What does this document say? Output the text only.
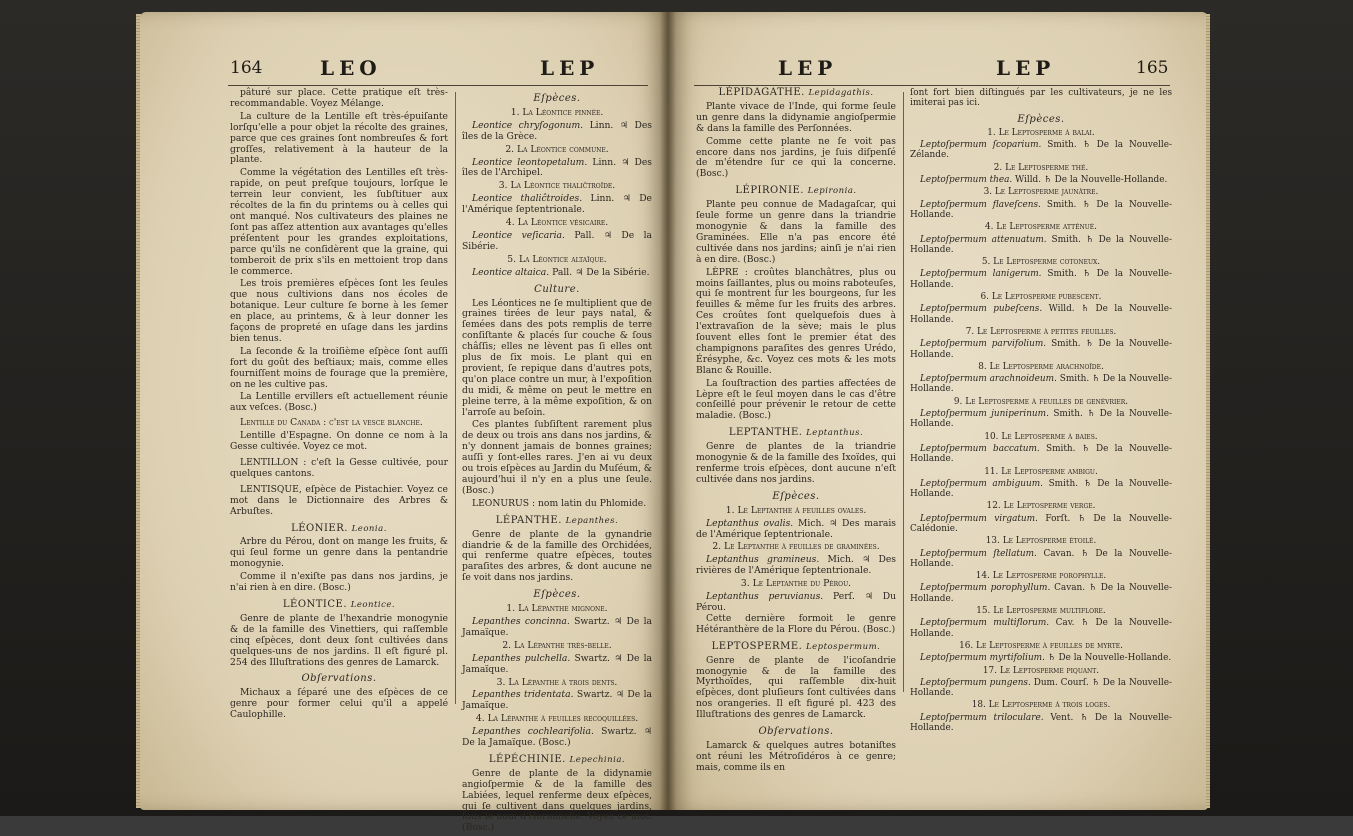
164	LEO	LEP

pâturé sur place. Cette pratique eſt très-recommandable. Voyez Mélange.

La culture de la Lentille eſt très-épuiſante lorſqu'elle a pour objet la récolte des graines, parce que ces graines ſont nombreuſes & fort groſſes, relativement à la hauteur de la plante.

Comme la végétation des Lentilles eſt très-rapide, on peut preſque toujours, lorſque le terrein leur convient, les ſubſtituer aux récoltes de la fin du printems ou à celles qui ont manqué. Nos cultivateurs des plaines ne ſont pas aſſez attention aux avantages qu'elles préſentent pour les grandes exploitations, parce qu'ils ne conſidèrent que la graine, qui tomberoit de prix s'ils en mettoient trop dans le commerce.

Les trois premières eſpèces ſont les ſeules que nous cultivions dans nos écoles de botanique. Leur culture ſe borne à les ſemer en place, au printems, & à leur donner les façons de propreté en uſage dans les jardins bien tenus.

La ſeconde & la troiſième eſpèce ſont auſſi fort du goût des beſtiaux; mais, comme elles fourniſſent moins de fourage que la première, on ne les cultive pas.

La Lentille ervillers eſt actuellement réunie aux veſces. (Bosc.)

Lentille du Canada : c'eſt la vesce blanche.

Lentille d'Espagne. On donne ce nom à la Gesse cultivée. Voyez ce mot.

LENTILLON : c'eſt la Gesse cultivée, pour quelques cantons.

LENTISQUE, eſpèce de Pistachier. Voyez ce mot dans le Dictionnaire des Arbres & Arbuſtes.

LÉONIER. Leonia.

Arbre du Pérou, dont on mange les fruits, & qui ſeul forme un genre dans la pentandrie monogynie.

Comme il n'exiſte pas dans nos jardins, je n'ai rien à en dire. (Bosc.)

LÉONTICE. Leontice.

Genre de plante de l'hexandrie monogynie & de la famille des Vinettiers, qui raſſemble cinq eſpèces, dont deux ſont cultivées dans quelques-uns de nos jardins. Il eſt figuré pl. 254 des Illuſtrations des genres de Lamarck.

Obſervations.

Michaux a ſéparé une des eſpèces de ce genre pour former celui qu'il a appelé Caulophille.

Eſpèces.
1. La Léontice pinnée.
Leontice chryſogonum. Linn. ♃ Des îles de la Grèce.
2. La Léontice commune.
Leontice leontopetalum. Linn. ♃ Des îles de l'Archipel.
3. La Léontice thaliĉtroïde.
Leontice thaliĉtroides. Linn. ♃ De l'Amérique ſeptentrionale.
4. La Léontice véſicaire.
Leontice veſicaria. Pall. ♃ De la Sibérie.
5. La Léontice altaïque.
Leontice altaica. Pall. ♃ De la Sibérie.
Culture.

Les Léontices ne ſe multiplient que de graines tirées de leur pays natal, & ſemées dans des pots remplis de terre conſiſtante & placés ſur couche & ſous châſſis; elles ne lèvent pas ſi elles ont plus de ſix mois. Le plant qui en provient, ſe repique dans d'autres pots, qu'on place contre un mur, à l'expoſition du midi, & même on peut le mettre en pleine terre, à la même expoſition, & on l'arroſe au beſoin.

Ces plantes ſubſiſtent rarement plus de deux ou trois ans dans nos jardins, & n'y donnent jamais de bonnes graines; auſſi y ſont-elles rares. J'en ai vu deux ou trois eſpèces au Jardin du Muſéum, & aujourd'hui il n'y en a plus une ſeule. (Bosc.)

LEONURUS : nom latin du Phlomide.

LÉPANTHE. Lepanthes.

Genre de plante de la gynandrie diandrie & de la famille des Orchidées, qui renferme quatre eſpèces, toutes paraſites des arbres, & dont aucune ne ſe voit dans nos jardins.

Eſpèces.
1. La Lépanthe mignone.
Lepanthes concinna. Swartz. ♃ De la Jamaïque.
2. La Lépanthe très-belle.
Lepanthes pulchella. Swartz. ♃ De la Jamaïque.
3. La Lépanthe à trois dents.
Lepanthes tridentata. Swartz. ♃ De la Jamaïque.
4. La Lépanthe à feuilles recoquillées.
Lepanthes cochlearifolia. Swartz. ♃ De la Jamaïque. (Bosc.)
LÉPÉCHINIE. Lepechinia.

Genre de plante de la didynamie angioſpermie & de la famille des Labiées, lequel renferme deux eſpèces, qui ſe cultivent dans quelques jardins, ſous le nom d'Horminelle. Voyez ce mot. (Bosc.)

LEP	LEP	165
LÉPIDAGATHE. Lepidagathis.

Plante vivace de l'Inde, qui forme ſeule un genre dans la didynamie angioſpermie & dans la famille des Perſonnées.

Comme cette plante ne ſe voit pas encore dans nos jardins, je ſuis diſpenſé de m'étendre ſur ce qui la concerne. (Bosc.)

LÉPIRONIE. Lepironia.

Plante peu connue de Madagaſcar, qui ſeule forme un genre dans la triandrie monogynie & dans la famille des Graminées. Elle n'a pas encore été cultivée dans nos jardins; ainſi je n'ai rien à en dire. (Bosc.)

LÈPRE : croûtes blanchâtres, plus ou moins ſaillantes, plus ou moins raboteuſes, qui ſe montrent ſur les bourgeons, ſur les feuilles & même ſur les fruits des arbres. Ces croûtes ſont quelquefois dues à l'extravaſion de la sève; mais le plus ſouvent elles ſont le premier état des champignons paraſites des genres Urédo, Érésyphe, &c. Voyez ces mots & les mots Blanc & Rouille.

La ſouſtraction des parties affectées de Lèpre eſt le ſeul moyen dans le cas d'être conſeillé pour prévenir le retour de cette maladie. (Bosc.)

LEPTANTHE. Leptanthus.

Genre de plantes de la triandrie monogynie & de la famille des Ixoïdes, qui renferme trois eſpèces, dont aucune n'eſt cultivée dans nos jardins.

Eſpèces.
1. Le Leptanthe à feuilles ovales.
Leptanthus ovalis. Mich. ♃ Des marais de l'Amérique ſeptentrionale.
2. Le Leptanthe à feuilles de graminées.
Leptanthus gramineus. Mich. ♃ Des rivières de l'Amérique ſeptentrionale.
3. Le Leptanthe du Pérou.
Leptanthus peruvianus. Perſ. ♃ Du Pérou.

Cette dernière formoit le genre Hétéranthère de la Flore du Pérou. (Bosc.)

LEPTOSPERME. Leptospermum.

Genre de plante de l'icoſandrie monogynie & de la famille des Myrthoïdes, qui raſſemble dix-huit eſpèces, dont pluſieurs ſont cultivées dans nos orangeries. Il eſt figuré pl. 423 des Illuſtrations des genres de Lamarck.

Obſervations.

Lamarck & quelques autres botaniſtes ont réuni les Métroſidéros à ce genre; mais, comme ils en

ſont fort bien diſtingués par les cultivateurs, je ne les imiterai pas ici.

Eſpèces.
1. Le Leptosperme à balai.
Leptoſpermum ſcoparium. Smith. ♄ De la Nouvelle-Zélande.
2. Le Leptosperme thé.
Leptoſpermum thea. Willd. ♄ De la Nouvelle-Hollande.
3. Le Leptosperme jaunâtre.
Leptoſpermum flaveſcens. Smith. ♄ De la Nouvelle-Hollande.
4. Le Leptosperme atténué.
Leptoſpermum attenuatum. Smith. ♄ De la Nouvelle-Hollande.
5. Le Leptosperme cotoneux.
Leptoſpermum lanigerum. Smith. ♄ De la Nouvelle-Hollande.
6. Le Leptosperme pubeſcent.
Leptoſpermum pubeſcens. Willd. ♄ De la Nouvelle-Hollande.
7. Le Leptosperme à petites feuilles.
Leptoſpermum parvifolium. Smith. ♄ De la Nouvelle-Hollande.
8. Le Leptosperme arachnoïde.
Leptoſpermum arachnoideum. Smith. ♄ De la Nouvelle-Hollande.
9. Le Leptosperme à feuilles de genévrier.
Leptoſpermum juniperinum. Smith. ♄ De la Nouvelle-Hollande.
10. Le Leptosperme à baies.
Leptoſpermum baccatum. Smith. ♄ De la Nouvelle-Hollande.
11. Le Leptosperme ambigu.
Leptoſpermum ambiguum. Smith. ♄ De la Nouvelle-Hollande.
12. Le Leptosperme verge.
Leptoſpermum virgatum. Forſt. ♄ De la Nouvelle-Calédonie.
13. Le Leptosperme étoilé.
Leptoſpermum ſtellatum. Cavan. ♄ De la Nouvelle-Hollande.
14. Le Leptosperme porophylle.
Leptoſpermum porophyllum. Cavan. ♄ De la Nouvelle-Hollande.
15. Le Leptosperme multiflore.
Leptoſpermum multiflorum. Cav. ♄ De la Nouvelle-Hollande.
16. Le Leptosperme à feuilles de myrte.
Leptoſpermum myrtifolium. ♄ De la Nouvelle-Hollande.
17. Le Leptosperme piquant.
Leptoſpermum pungens. Dum. Courſ. ♄ De la Nouvelle-Hollande.
18. Le Leptosperme à trois loges.
Leptoſpermum triloculare. Vent. ♄ De la Nouvelle-Hollande.
